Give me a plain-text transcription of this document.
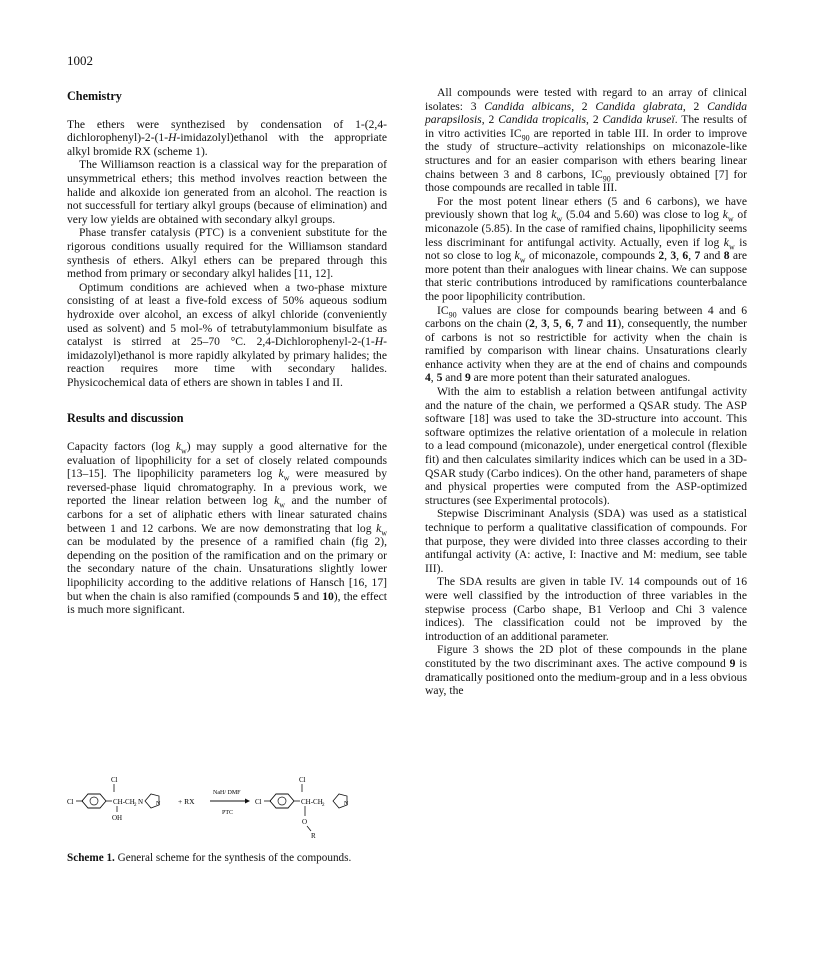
1002
Chemistry

The ethers were synthezised by condensation of 1-(2,4-dichlorophenyl)-2-(1-H-imidazolyl)ethanol with the appropriate alkyl bromide RX (scheme 1).

The Williamson reaction is a classical way for the preparation of unsymmetrical ethers; this method involves reaction between the halide and alkoxide ion generated from an alcohol. The reaction is not successfull for tertiary alkyl groups (because of elimination) and very low yields are obtained with secondary alkyl groups.

Phase transfer catalysis (PTC) is a convenient substitute for the rigorous conditions usually required for the Williamson standard synthesis of ethers. Alkyl ethers can be prepared through this method from primary or secondary alkyl halides [11, 12].

Optimum conditions are achieved when a two-phase mixture consisting of at least a five-fold excess of 50% aqueous sodium hydroxide over alcohol, an excess of alkyl chloride (conveniently used as solvent) and 5 mol-% of tetrabutylammonium bisulfate as catalyst is stirred at 25–70 °C. 2,4-Dichlorophenyl-2-(1-H-imidazolyl)ethanol is more rapidly alkylated by primary halides; the reaction requires more time with secondary halides. Physicochemical data of ethers are shown in tables I and II.

Results and discussion

Capacity factors (log $k_w$) may supply a good alternative for the evaluation of lipophilicity for a set of closely related compounds [13–15]. The lipophilicity parameters $\log k_w$ were measured by reversed-phase liquid chromatography. In a previous work, we reported the linear relation between $\log k_w$ and the number of carbons for a set of aliphatic ethers with linear saturated chains between 1 and 12 carbons. We are now demonstrating that $\log k_w$ can be modulated by the presence of a ramified chain (fig 2), depending on the position of the ramification and on the primary or the secondary nature of the chain. Unsaturations slightly lower lipophilicity according to the additive relations of Hansch [16, 17] but when the chain is also ramified (compounds 5 and 10), the effect is much more significant.

Cl
Cl	CH-CH 2 N N
OH
+ RX
NaH/ DMF
PTC
Cl
Cl	CH-CH 2	N
O
R
Scheme 1. General scheme for the synthesis of the compounds.

All compounds were tested with regard to an array of clinical isolates: 3 Candida albicans, 2 Candida glabrata, 2 Candida parapsilosis, 2 Candida tropicalis, 2 Candida kruseï. The results of in vitro activities $IC_{90}$ are reported in table III. In order to improve the study of structure–activity relationships on miconazole-like structures and for an easier comparison with ethers bearing linear chains between 3 and 8 carbons, $IC_{90}$ previously obtained [7] for those compounds are recalled in table III.

For the most potent linear ethers (5 and 6 carbons), we have previously shown that $\log k_w$ (5.04 and 5.60) was close to $\log k_w$ of miconazole (5.85). In the case of ramified chains, lipophilicity seems less discriminant for antifungal activity. Actually, even if $\log k_w$ is not so close to $\log k_w$ of miconazole, compounds 2, 3, 6, 7 and 8 are more potent than their analogues with linear chains. We can suppose that steric contributions introduced by ramifications counterbalance the poor lipophilicity contribution.

$IC_{90}$ values are close for compounds bearing between 4 and 6 carbons on the chain (2, 3, 5, 6, 7 and 11), consequently, the number of carbons is not so restrictible for activity when the chain is ramified by comparison with linear chains. Unsaturations clearly enhance activity when they are at the end of chains and compounds 4, 5 and 9 are more potent than their saturated analogues.

With the aim to establish a relation between antifungal activity and the nature of the chain, we performed a QSAR study. The ASP software [18] was used to take the 3D-structure into account. This software optimizes the relative orientation of a molecule in relation to a lead compound (miconazole), under energetical control (flexible fit) and then calculates similarity indices which can be used in a 3D-QSAR study (Carbo indices). On the other hand, parameters of shape and physical properties were computed from the ASP-optimized structures (see Experimental protocols).

Stepwise Discriminant Analysis (SDA) was used as a statistical technique to perform a qualitative classification of compounds. For that purpose, they were divided into three classes according to their antifungal activity (A: active, I: Inactive and M: medium, see table III).

The SDA results are given in table IV. 14 compounds out of 16 were well classified by the introduction of three variables in the stepwise process (Carbo shape, B1 Verloop and Chi 3 valence indices). The classification could not be improved by the introduction of an additional parameter.

Figure 3 shows the 2D plot of these compounds in the plane constituted by the two discriminant axes. The active compound 9 is dramatically positioned onto the medium-group and in a less obvious way, the
